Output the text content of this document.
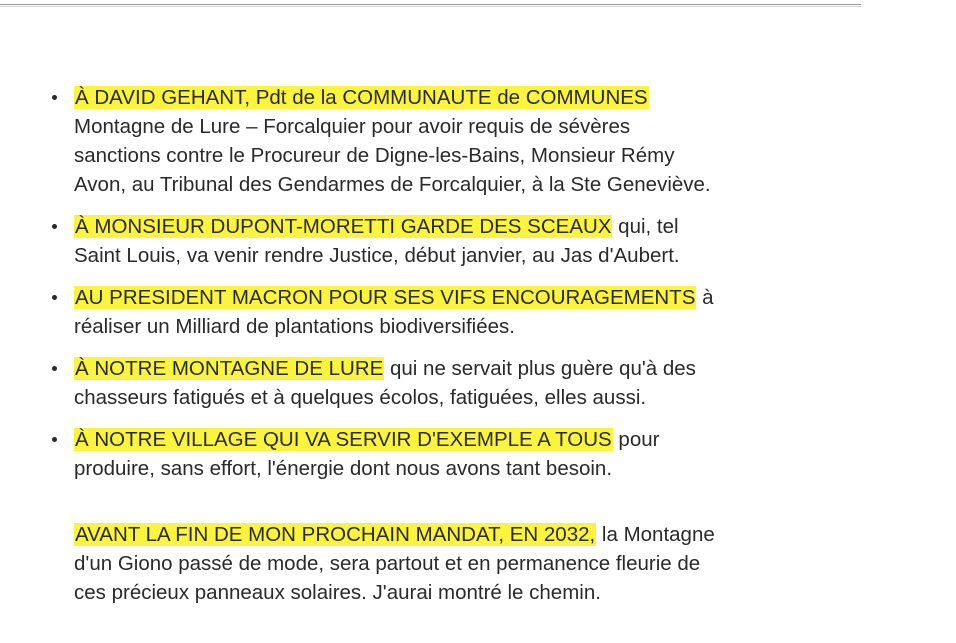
À DAVID GEHANT, Pdt de la COMMUNAUTE de COMMUNES
Montagne de Lure – Forcalquier pour avoir requis de sévères
sanctions contre le Procureur de Digne-les-Bains, Monsieur Rémy
Avon, au Tribunal des Gendarmes de Forcalquier, à la Ste Geneviève.
À MONSIEUR DUPONT-MORETTI GARDE DES SCEAUX qui, tel
Saint Louis, va venir rendre Justice, début janvier, au Jas d'Aubert.
AU PRESIDENT MACRON POUR SES VIFS ENCOURAGEMENTS à
réaliser un Milliard de plantations biodiversifiées.
À NOTRE MONTAGNE DE LURE qui ne servait plus guère qu'à des
chasseurs fatigués et à quelques écolos, fatiguées, elles aussi.
À NOTRE VILLAGE QUI VA SERVIR D'EXEMPLE A TOUS pour
produire, sans effort, l'énergie dont nous avons tant besoin.
AVANT LA FIN DE MON PROCHAIN MANDAT, EN 2032, la Montagne
d'un Giono passé de mode, sera partout et en permanence fleurie de
ces précieux panneaux solaires. J'aurai montré le chemin.
